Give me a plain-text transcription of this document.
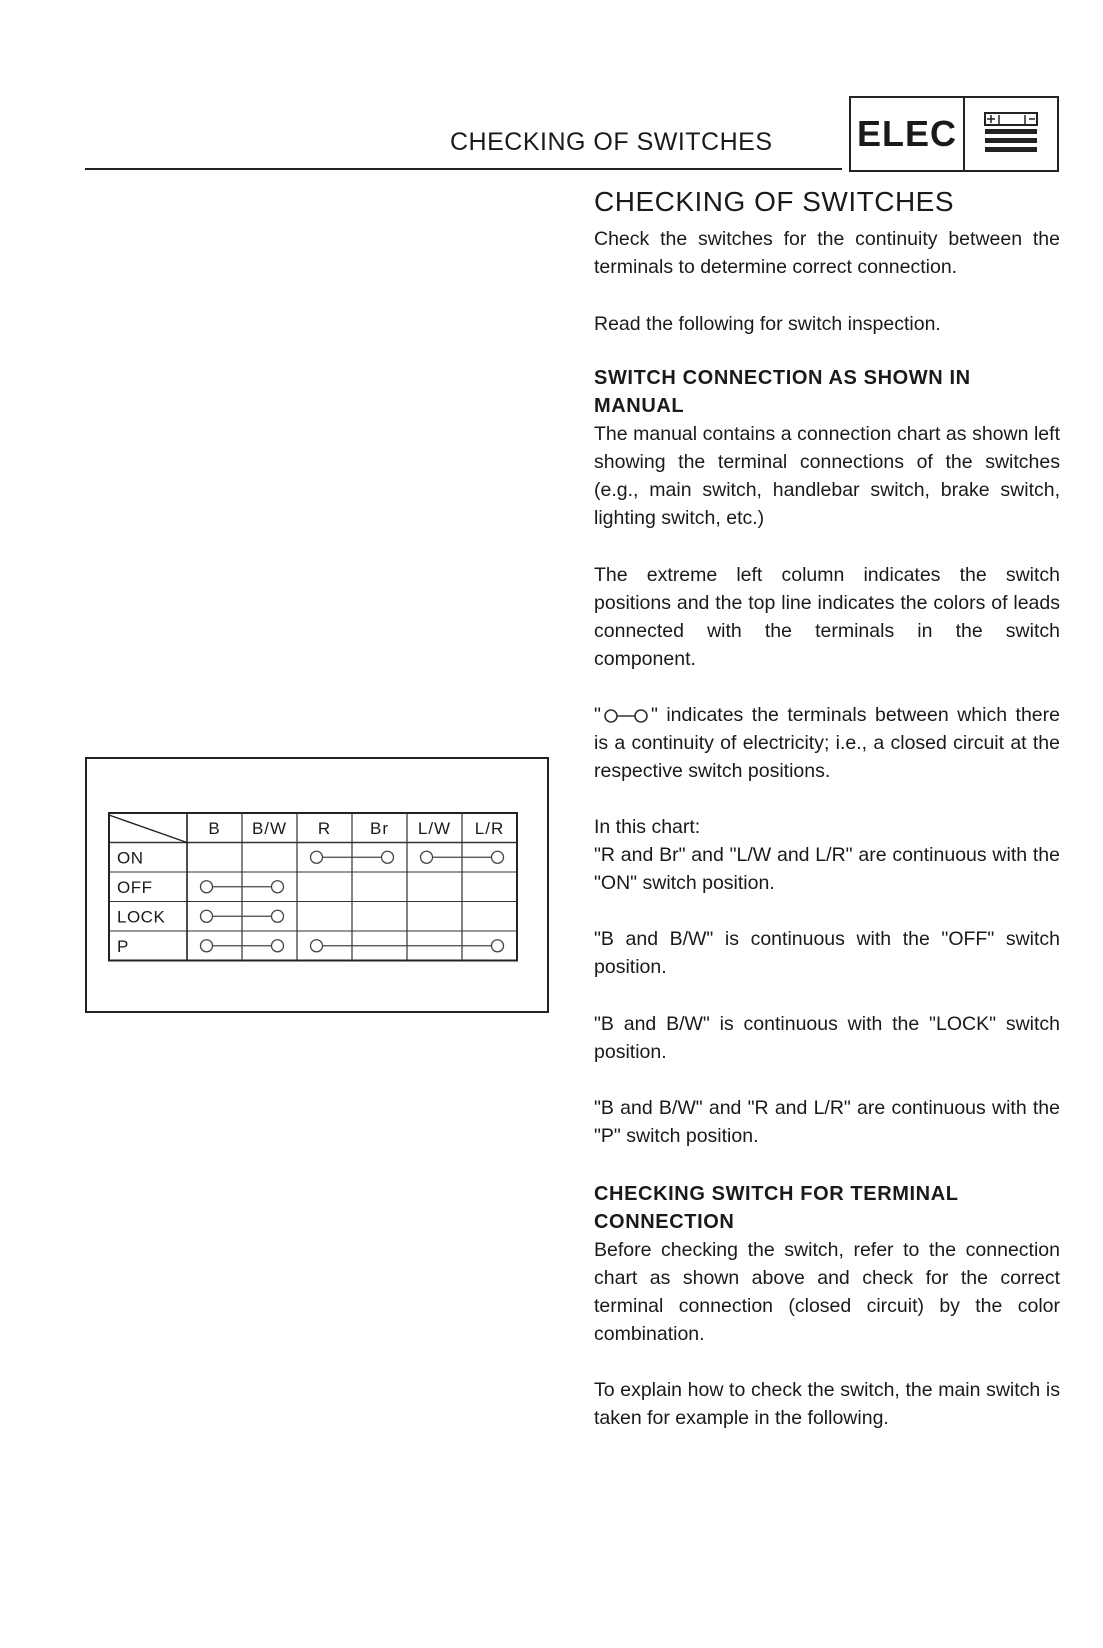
CHECKING OF SWITCHES ELEC
CHECKING OF SWITCHES
Check the switches for the continuity between the terminals to determine correct connection.
Read the following for switch inspection.
SWITCH CONNECTION AS SHOWN IN MANUAL
The manual contains a connection chart as shown left showing the terminal connections of the switches (e.g., main switch, handlebar switch, brake switch, lighting switch, etc.)
The extreme left column indicates the switch positions and the top line indicates the colors of leads connected with the terminals in the switch component.
"	" indicates the terminals between which there is a continuity of electricity; i.e., a closed circuit at the respective switch positions.
In this chart:
"R and Br" and "L/W and L/R" are continuous with the "ON" switch position.
"B and B/W" is continuous with the "OFF" switch position.
"B and B/W" is continuous with the "LOCK" switch position.
"B and B/W" and "R and L/R" are continuous with the "P" switch position.
CHECKING SWITCH FOR TERMINAL CONNECTION
Before checking the switch, refer to the connection chart as shown above and check for the correct terminal connection (closed circuit) by the color combination.
To explain how to check the switch, the main switch is taken for example in the following.
B B/W R Br L/W L/R
ON
OFF
LOCK
P
